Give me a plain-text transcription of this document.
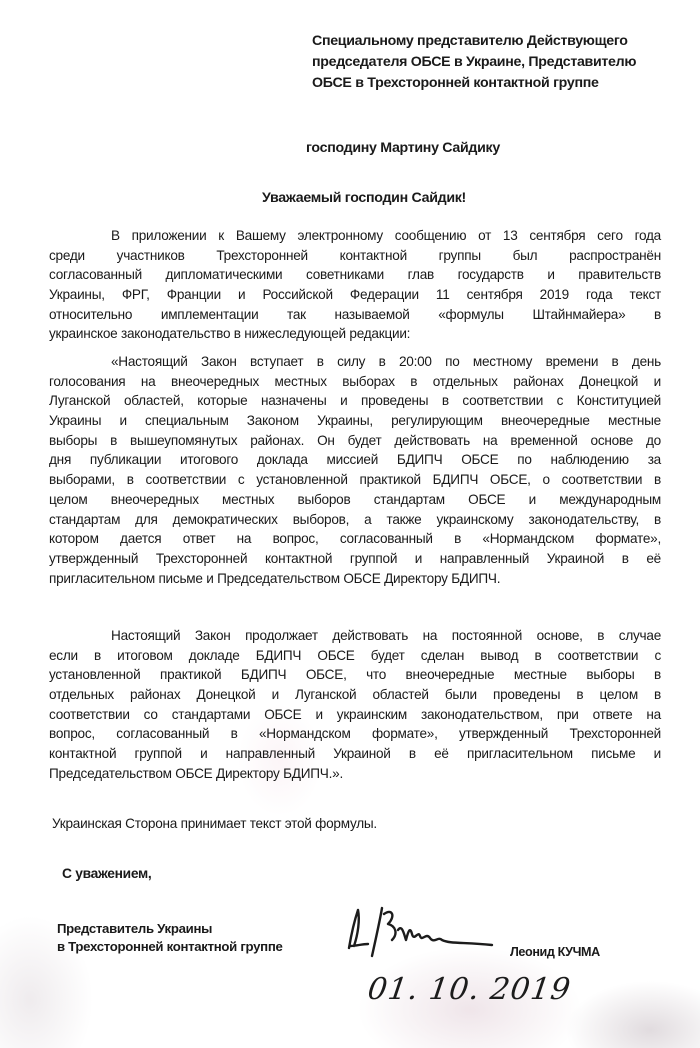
Специальному представителю Действующего
председателя ОБСЕ в Украине, Представителю
ОБСЕ в Трехсторонней контактной группе
господину Мартину Сайдику
Уважаемый господин Сайдик!
В приложении к Вашему электронному сообщению от 13 сентября сего года
среди участников Трехсторонней контактной группы был распространён
согласованный дипломатическими советниками глав государств и правительств
Украины, ФРГ, Франции и Российской Федерации 11 сентября 2019 года текст
относительно имплементации так называемой «формулы Штайнмайера» в
украинское законодательство в нижеследующей редакции:
«Настоящий Закон вступает в силу в 20:00 по местному времени в день
голосования на внеочередных местных выборах в отдельных районах Донецкой и
Луганской областей, которые назначены и проведены в соответствии с Конституцией
Украины и специальным Законом Украины, регулирующим внеочередные местные
выборы в вышеупомянутых районах. Он будет действовать на временной основе до
дня публикации итогового доклада миссией БДИПЧ ОБСЕ по наблюдению за
выборами, в соответствии с установленной практикой БДИПЧ ОБСЕ, о соответствии в
целом внеочередных местных выборов стандартам ОБСЕ и международным
стандартам для демократических выборов, а также украинскому законодательству, в
котором дается ответ на вопрос, согласованный в «Нормандском формате»,
утвержденный Трехсторонней контактной группой и направленный Украиной в её
пригласительном письме и Председательством ОБСЕ Директору БДИПЧ.
Настоящий Закон продолжает действовать на постоянной основе, в случае
если в итоговом докладе БДИПЧ ОБСЕ будет сделан вывод в соответствии с
установленной практикой БДИПЧ ОБСЕ, что внеочередные местные выборы в
отдельных районах Донецкой и Луганской областей были проведены в целом в
соответствии со стандартами ОБСЕ и украинским законодательством, при ответе на
вопрос, согласованный в «Нормандском формате», утвержденный Трехсторонней
контактной группой и направленный Украиной в её пригласительном письме и
Председательством ОБСЕ Директору БДИПЧ.».
Украинская Сторона принимает текст этой формулы.
С уважением,
Представитель Украины
в Трехсторонней контактной группе	Леонид КУЧМА
01. 10. 2019
